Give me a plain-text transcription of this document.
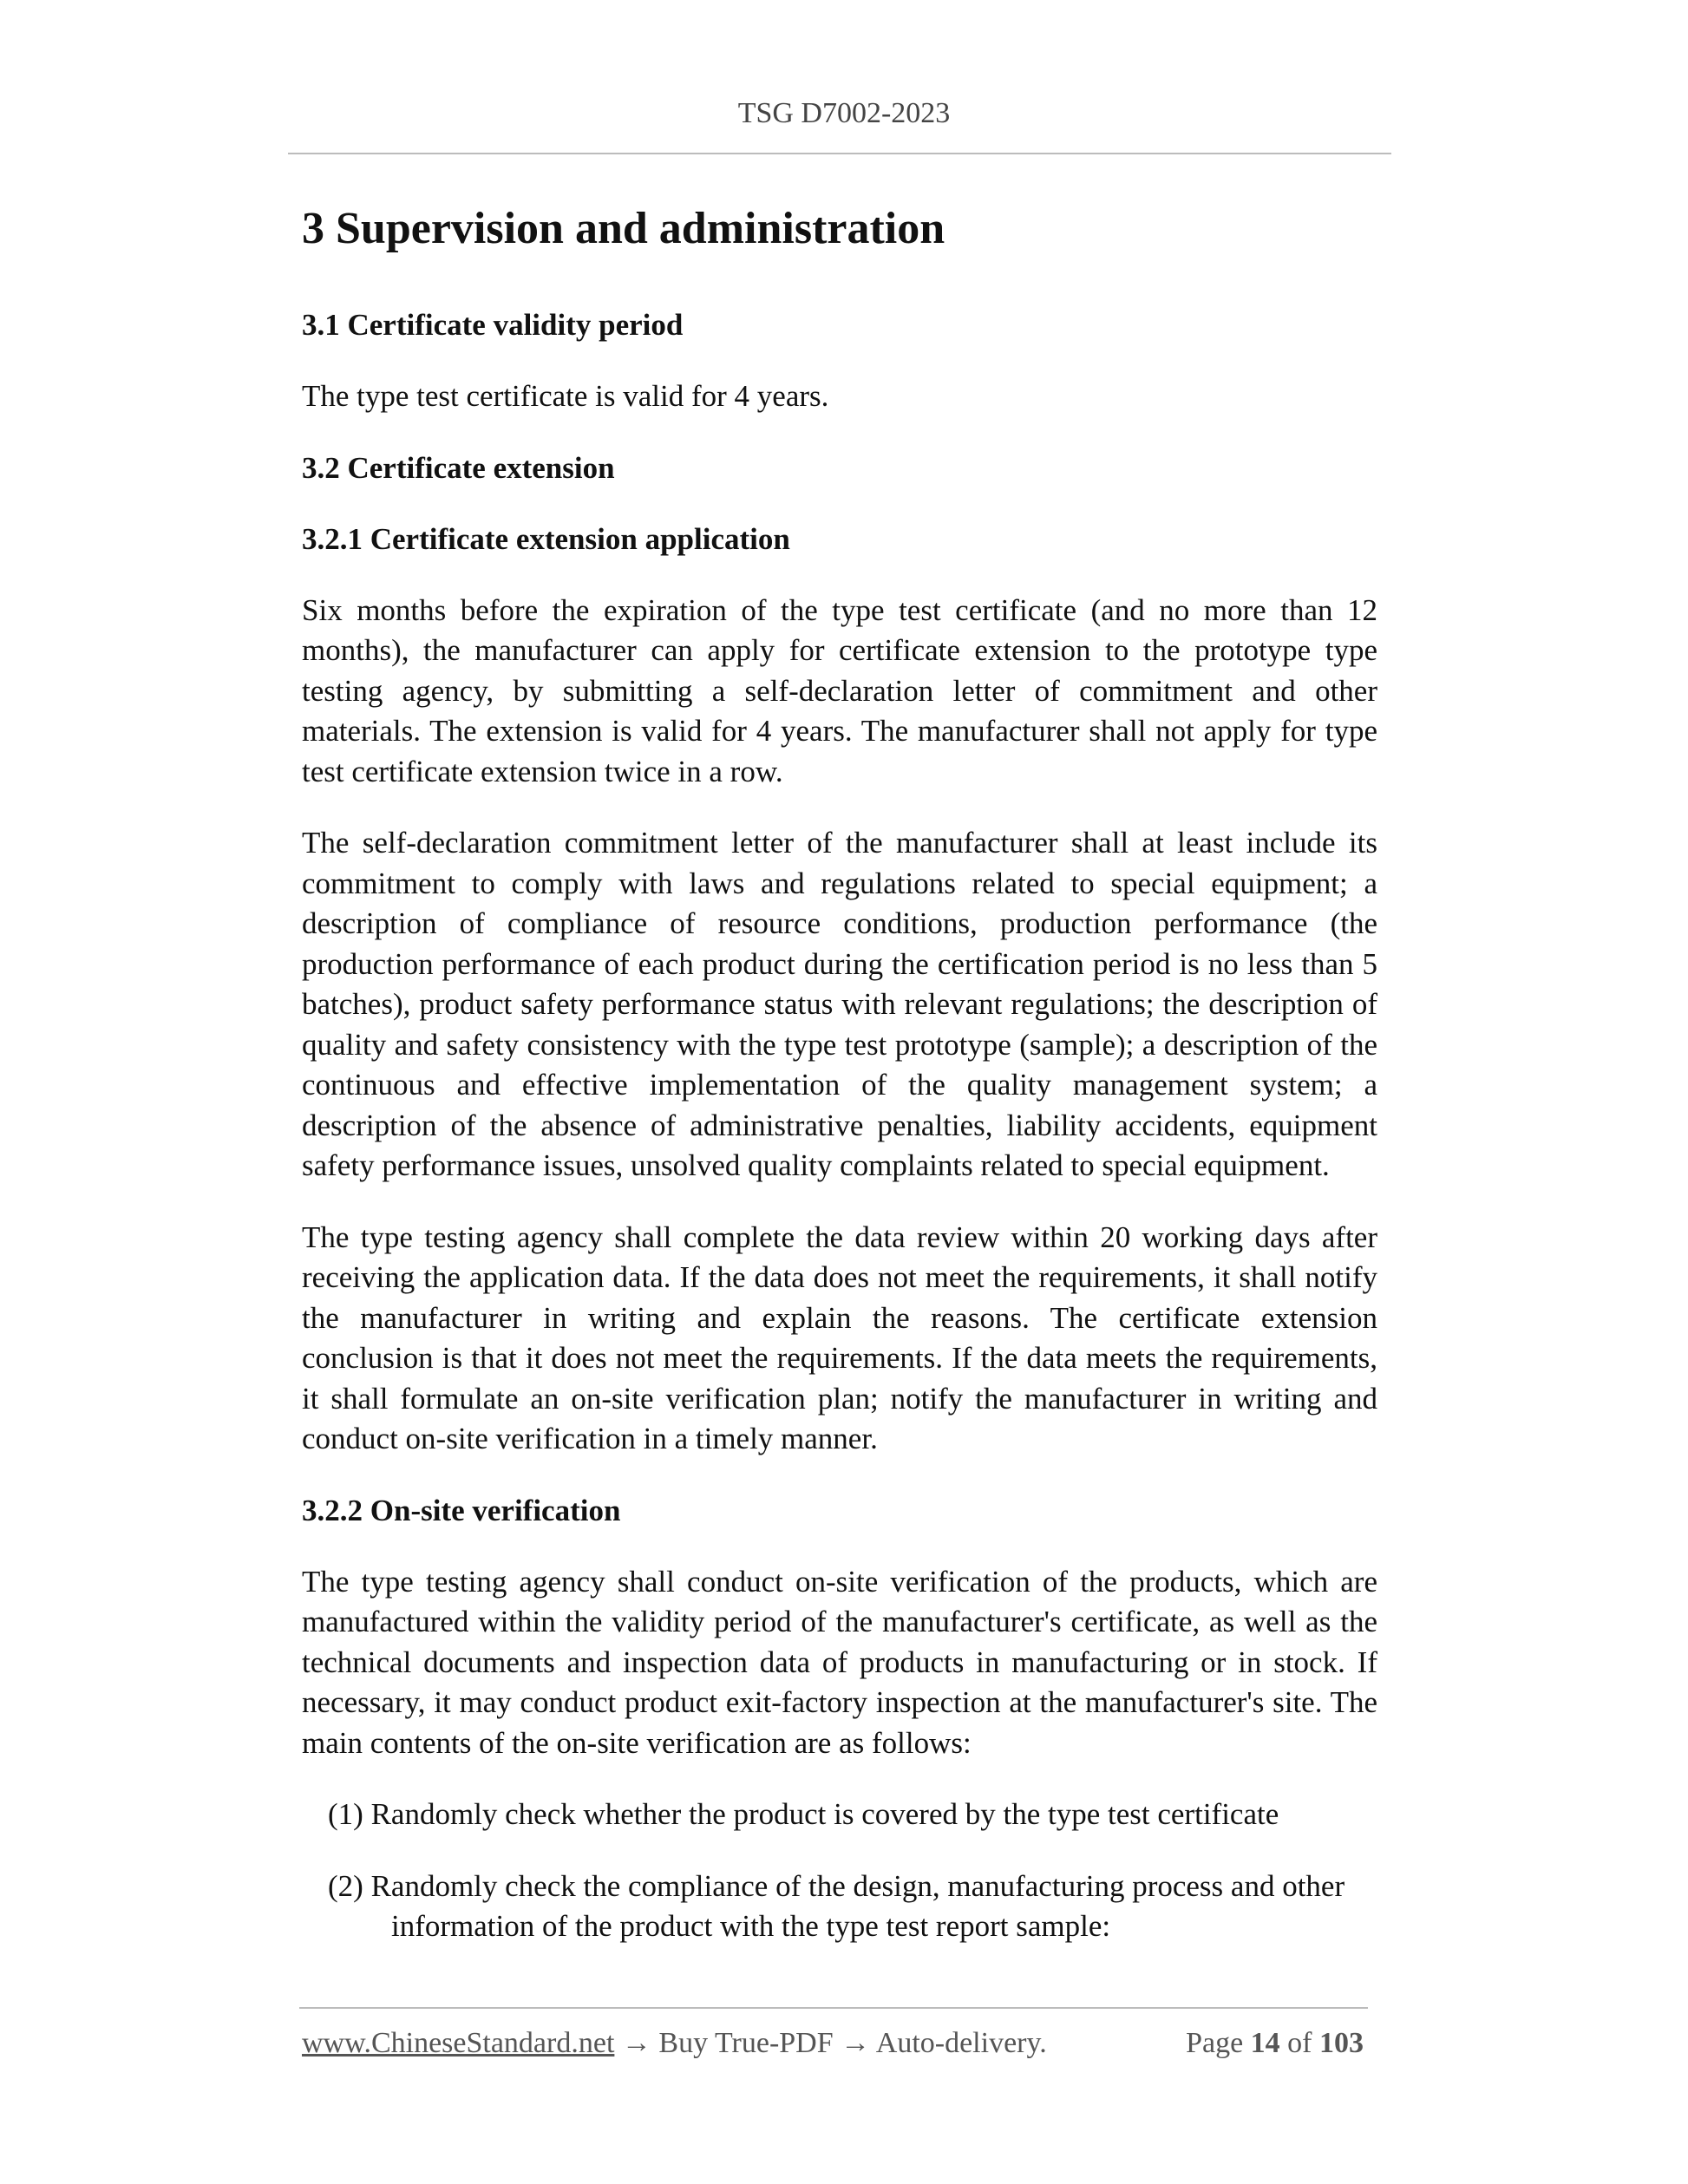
TSG D7002-2023
3 Supervision and administration
3.1 Certificate validity period

The type test certificate is valid for 4 years.

3.2 Certificate extension
3.2.1 Certificate extension application

Six months before the expiration of the type test certificate (and no more than 12 months), the manufacturer can apply for certificate extension to the prototype type testing agency, by submitting a self-declaration letter of commitment and other materials. The extension is valid for 4 years. The manufacturer shall not apply for type test certificate extension twice in a row.

The self-declaration commitment letter of the manufacturer shall at least include its commitment to comply with laws and regulations related to special equipment; a description of compliance of resource conditions, production performance (the production performance of each product during the certification period is no less than 5 batches), product safety performance status with relevant regulations; the description of quality and safety consistency with the type test prototype (sample); a description of the continuous and effective implementation of the quality management system; a description of the absence of administrative penalties, liability accidents, equipment safety performance issues, unsolved quality complaints related to special equipment.

The type testing agency shall complete the data review within 20 working days after receiving the application data. If the data does not meet the requirements, it shall notify the manufacturer in writing and explain the reasons. The certificate extension conclusion is that it does not meet the requirements. If the data meets the requirements, it shall formulate an on-site verification plan; notify the manufacturer in writing and conduct on-site verification in a timely manner.

3.2.2 On-site verification

The type testing agency shall conduct on-site verification of the products, which are manufactured within the validity period of the manufacturer's certificate, as well as the technical documents and inspection data of products in manufacturing or in stock. If necessary, it may conduct product exit-factory inspection at the manufacturer's site. The main contents of the on-site verification are as follows:

(1) Randomly check whether the product is covered by the type test certificate
(2) Randomly check the compliance of the design, manufacturing process and other information of the product with the type test report sample:
www.ChineseStandard.net → Buy True-PDF → Auto-delivery.	Page 14 of 103
